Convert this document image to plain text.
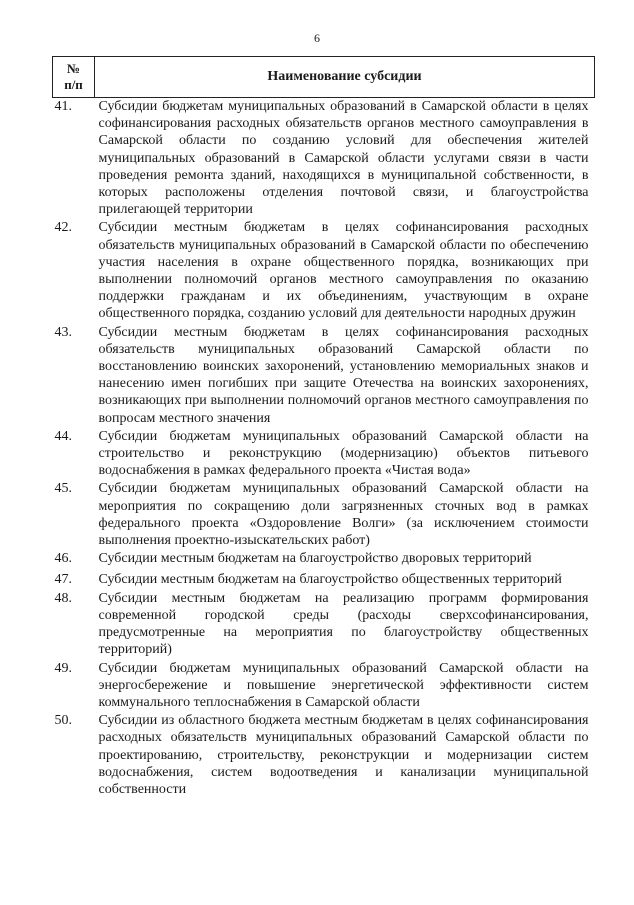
6
№
п/п	Наименование субсидии
41.	Субсидии бюджетам муниципальных образований в Самарской области в целях софинансирования расходных обязательств органов местного самоуправления в Самарской области по созданию условий для обеспечения жителей муниципальных образований в Самарской области услугами связи в части проведения ремонта зданий, находящихся в муниципальной собственности, в которых расположены отделения почтовой связи, и благоустройства прилегающей территории
42.	Субсидии местным бюджетам в целях софинансирования расходных обязательств муниципальных образований в Самарской области по обеспечению участия населения в охране общественного порядка, возникающих при выполнении полномочий органов местного самоуправления по оказанию поддержки гражданам и их объединениям, участвующим в охране общественного порядка, созданию условий для деятельности народных дружин
43.	Субсидии местным бюджетам в целях софинансирования расходных обязательств муниципальных образований Самарской области по восстановлению воинских захоронений, установлению мемориальных знаков и нанесению имен погибших при защите Отечества на воинских захоронениях, возникающих при выполнении полномочий органов местного самоуправления по вопросам местного значения
44.	Субсидии бюджетам муниципальных образований Самарской области на строительство и реконструкцию (модернизацию) объектов питьевого водоснабжения в рамках федерального проекта «Чистая вода»
45.	Субсидии бюджетам муниципальных образований Самарской области на мероприятия по сокращению доли загрязненных сточных вод в рамках федерального проекта «Оздоровление Волги» (за исключением стоимости выполнения проектно-изыскательских работ)
46.	Субсидии местным бюджетам на благоустройство дворовых территорий
47.	Субсидии местным бюджетам на благоустройство общественных территорий
48.	Субсидии местным бюджетам на реализацию программ формирования современной городской среды (расходы сверхсофинансирования, предусмотренные на мероприятия по благоустройству общественных территорий)
49.	Субсидии бюджетам муниципальных образований Самарской области на энергосбережение и повышение энергетической эффективности систем коммунального теплоснабжения в Самарской области
50.	Субсидии из областного бюджета местным бюджетам в целях софинансирования расходных обязательств муниципальных образований Самарской области по проектированию, строительству, реконструкции и модернизации систем водоснабжения, систем водоотведения и канализации муниципальной собственности
